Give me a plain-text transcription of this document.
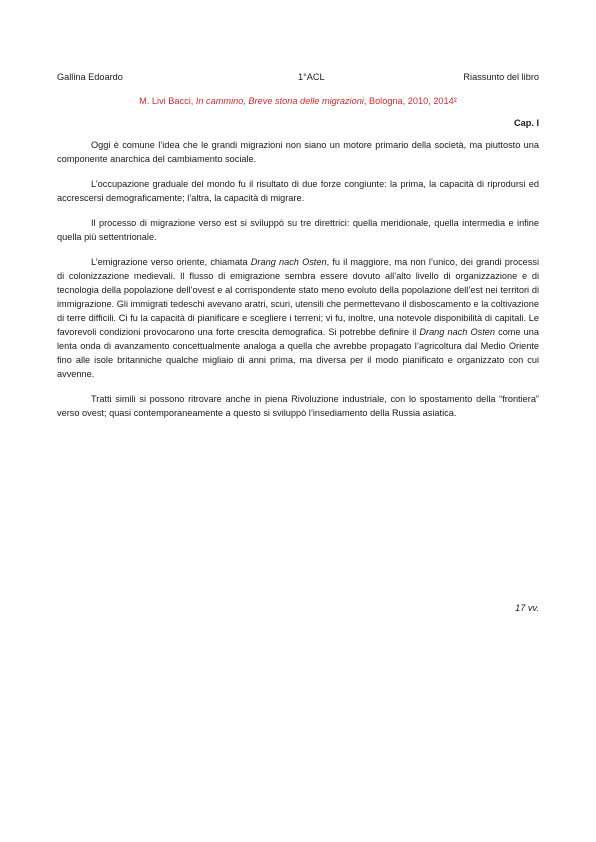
Gallina Edoardo	1°ACL	Riassunto del libro
M. Livi Bacci, In cammino, Breve storia delle migrazioni, Bologna, 2010, 2014²
Cap. I

Oggi è comune l’idea che le grandi migrazioni non siano un motore primario della società, ma piuttosto una componente anarchica del cambiamento sociale.

L’occupazione graduale del mondo fu il risultato di due forze congiunte: la prima, la capacità di riprodursi ed accrescersi demograficamente; l’altra, la capacità di migrare.

Il processo di migrazione verso est si sviluppò su tre direttrici: quella meridionale, quella intermedia e infine quella più settentrionale.

L’emigrazione verso oriente, chiamata Drang nach Osten, fu il maggiore, ma non l’unico, dei grandi processi di colonizzazione medievali. Il flusso di emigrazione sembra essere dovuto all’alto livello di organizzazione e di tecnologia della popolazione dell’ovest e al corrispondente stato meno evoluto della popolazione dell’est nei territori di immigrazione. Gli immigrati tedeschi avevano aratri, scuri, utensili che permettevano il disboscamento e la coltivazione di terre difficili. Ci fu la capacità di pianificare e scegliere i terreni; vi fu, inoltre, una notevole disponibilità di capitali. Le favorevoli condizioni provocarono una forte crescita demografica. Si potrebbe definire il Drang nach Osten come una lenta onda di avanzamento concettualmente analoga a quella che avrebbe propagato l’agricoltura dal Medio Oriente fino alle isole britanniche qualche migliaio di anni prima, ma diversa per il modo pianificato e organizzato con cui avvenne.

Tratti simili si possono ritrovare anche in piena Rivoluzione industriale, con lo spostamento della “frontiera” verso ovest; quasi contemporaneamente a questo si sviluppò l’insediamento della Russia asiatica.

17 vv.
